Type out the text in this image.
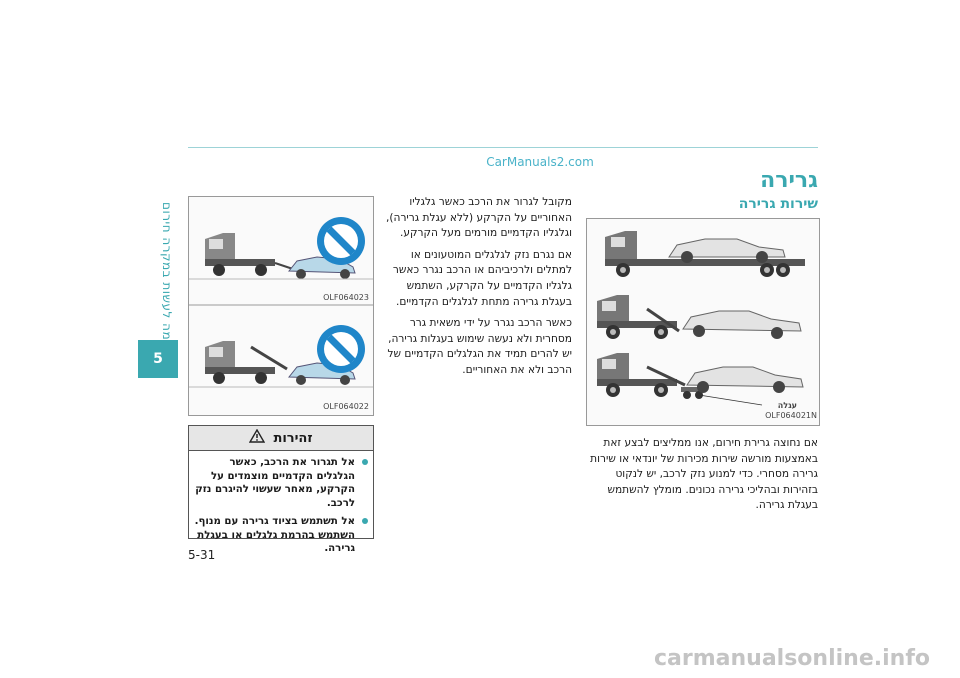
מה לעשות במקרה חירום
5
CarManuals2.com
גרירה
שירות גרירה
עגלה
OLF064021N
אם נחוצה גרירת חירום, אנו ממליצים לבצע זאת באמצעות מורשה שירות מכירות של יונדאי או שירות גרירה מסחרי. כדי למנוע נזק לרכב, יש לנקוט בזהירות ובהליכי גרירה נכונים. מומלץ להשתמש בעגלת גרירה.

מקובל לגרור את הרכב כאשר גלגליו האחוריים על הקרקע (ללא עגלת גרירה), וגלגליו הקדמיים מורמים מעל הקרקע.

אם נגרם נזק לגלגלים המוטעונים או למתלים ולרכיביהם או הרכב נגרר כאשר גלגליו הקדמיים על הקרקע, השתמש בעגלת גרירה מתחת לגלגלים הקדמיים.

כאשר הרכב נגרר על ידי משאית גרר מסחרית ולא נעשה שימוש בעגלות גרירה, יש להרים תמיד את הגלגלים הקדמיים של הרכב ולא את האחוריים.

OLF064023
OLF064022
זהירות
אל תגרור את הרכב, כאשר הגלגלים הקדמיים מוצמדים על הקרקע, מאחר שעשוי להיגרם נזק לרכב.
אל תשתמש בציוד גרירה עם מנוף. השתמש בהרמת גלגלים או בעגלת גרירה.
5-31
carmanualsonline.info
